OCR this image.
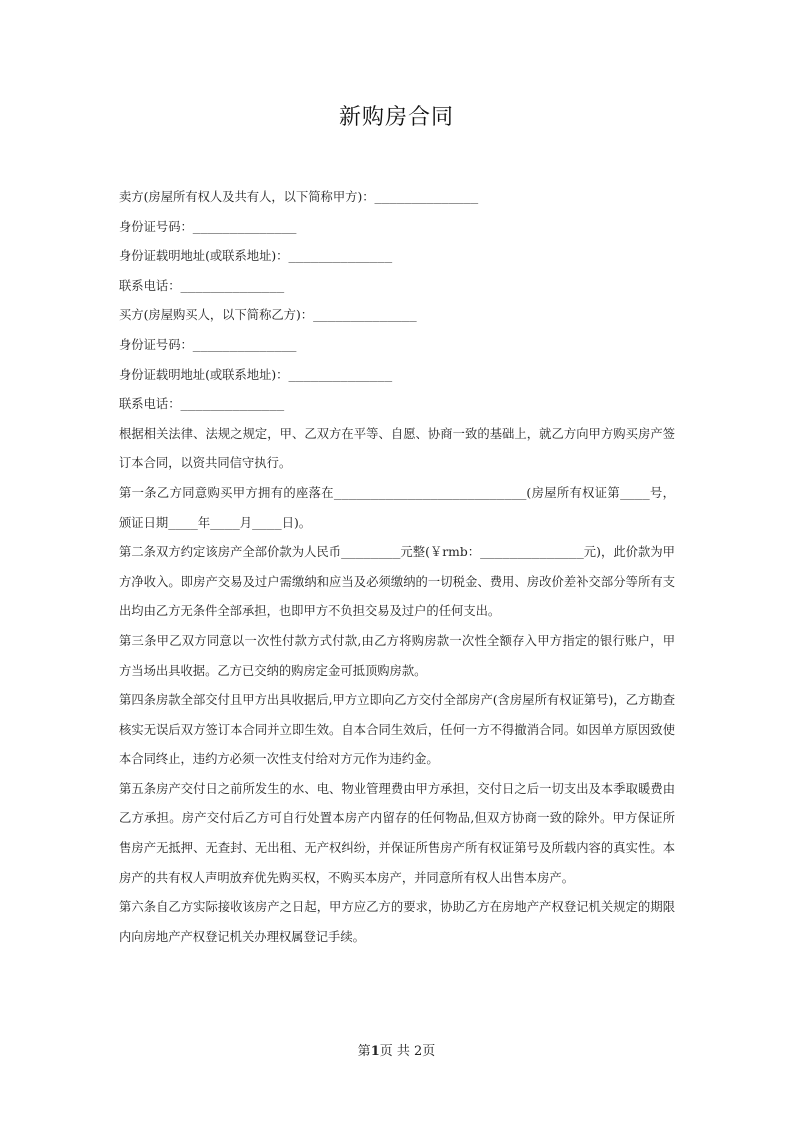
新购房合同
卖方(房屋所有权人及共有人，以下简称甲方)：______________
身份证号码：______________
身份证载明地址(或联系地址)：______________
联系电话：______________
买方(房屋购买人，以下简称乙方)：______________
身份证号码：______________
身份证载明地址(或联系地址)：______________
联系电话：______________
根据相关法律、法规之规定，甲、乙双方在平等、自愿、协商一致的基础上，就乙方向甲方购买房产签订本合同，以资共同信守执行。
第一条乙方同意购买甲方拥有的座落在__________________________(房屋所有权证第____号，颁证日期____年____月____日)。
第二条双方约定该房产全部价款为人民币________元整(￥rmb：______________元)，此价款为甲方净收入。即房产交易及过户需缴纳和应当及必须缴纳的一切税金、费用、房改价差补交部分等所有支出均由乙方无条件全部承担，也即甲方不负担交易及过户的任何支出。
第三条甲乙双方同意以一次性付款方式付款,由乙方将购房款一次性全额存入甲方指定的银行账户，甲方当场出具收据。乙方已交纳的购房定金可抵顶购房款。
第四条房款全部交付且甲方出具收据后,甲方立即向乙方交付全部房产(含房屋所有权证第号)，乙方勘查核实无误后双方签订本合同并立即生效。自本合同生效后，任何一方不得撤消合同。如因单方原因致使本合同终止，违约方必须一次性支付给对方元作为违约金。
第五条房产交付日之前所发生的水、电、物业管理费由甲方承担，交付日之后一切支出及本季取暖费由乙方承担。房产交付后乙方可自行处置本房产内留存的任何物品,但双方协商一致的除外。甲方保证所售房产无抵押、无查封、无出租、无产权纠纷，并保证所售房产所有权证第号及所载内容的真实性。本房产的共有权人声明放弃优先购买权，不购买本房产，并同意所有权人出售本房产。
第六条自乙方实际接收该房产之日起，甲方应乙方的要求，协助乙方在房地产产权登记机关规定的期限内向房地产产权登记机关办理权属登记手续。
第1页 共 2页
